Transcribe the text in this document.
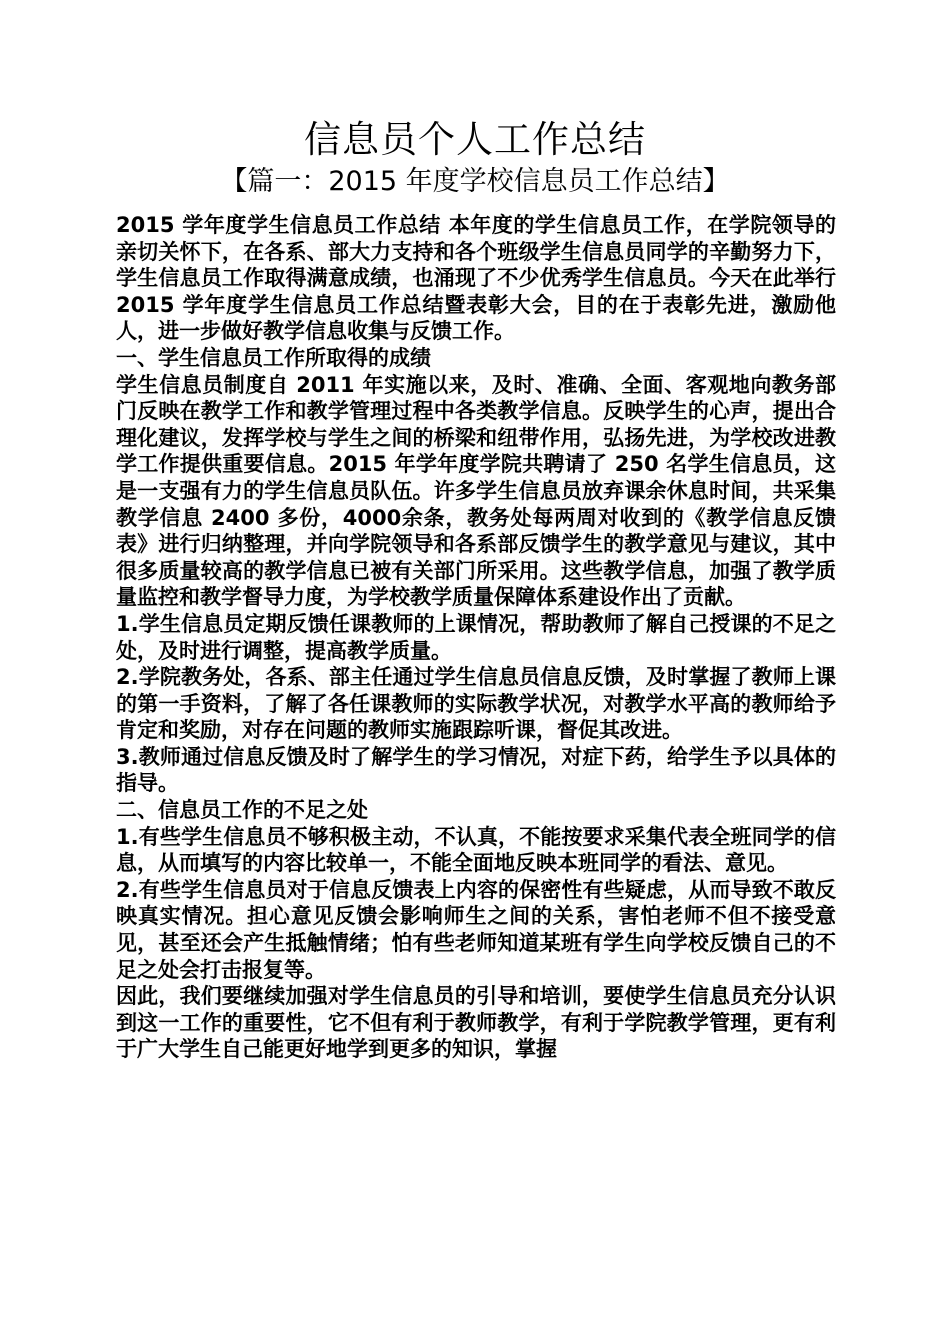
信息员个人工作总结
【篇一：2015 年度学校信息员工作总结】

2015 学年度学生信息员工作总结 本年度的学生信息员工作，在学院领导的亲切关怀下，在各系、部大力支持和各个班级学生信息员同学的辛勤努力下，学生信息员工作取得满意成绩，也涌现了不少优秀学生信息员。今天在此举行 2015 学年度学生信息员工作总结暨表彰大会，目的在于表彰先进，激励他人，进一步做好教学信息收集与反馈工作。

一、学生信息员工作所取得的成绩

学生信息员制度自 2011 年实施以来，及时、准确、全面、客观地向教务部门反映在教学工作和教学管理过程中各类教学信息。反映学生的心声，提出合理化建议，发挥学校与学生之间的桥梁和纽带作用，弘扬先进，为学校改进教学工作提供重要信息。2015 年学年度学院共聘请了 250 名学生信息员，这是一支强有力的学生信息员队伍。许多学生信息员放弃课余休息时间，共采集教学信息 2400 多份，4000余条，教务处每两周对收到的《教学信息反馈表》进行归纳整理，并向学院领导和各系部反馈学生的教学意见与建议，其中很多质量较高的教学信息已被有关部门所采用。这些教学信息，加强了教学质量监控和教学督导力度，为学校教学质量保障体系建设作出了贡献。

1.学生信息员定期反馈任课教师的上课情况，帮助教师了解自己授课的不足之处，及时进行调整，提高教学质量。

2.学院教务处，各系、部主任通过学生信息员信息反馈，及时掌握了教师上课的第一手资料，了解了各任课教师的实际教学状况，对教学水平高的教师给予肯定和奖励，对存在问题的教师实施跟踪听课，督促其改进。

3.教师通过信息反馈及时了解学生的学习情况，对症下药，给学生予以具体的指导。

二、信息员工作的不足之处

1.有些学生信息员不够积极主动，不认真，不能按要求采集代表全班同学的信息，从而填写的内容比较单一，不能全面地反映本班同学的看法、意见。

2.有些学生信息员对于信息反馈表上内容的保密性有些疑虑，从而导致不敢反映真实情况。担心意见反馈会影响师生之间的关系，害怕老师不但不接受意见，甚至还会产生抵触情绪；怕有些老师知道某班有学生向学校反馈自己的不足之处会打击报复等。

因此，我们要继续加强对学生信息员的引导和培训，要使学生信息员充分认识到这一工作的重要性，它不但有利于教师教学，有利于学院教学管理，更有利于广大学生自己能更好地学到更多的知识，掌握
